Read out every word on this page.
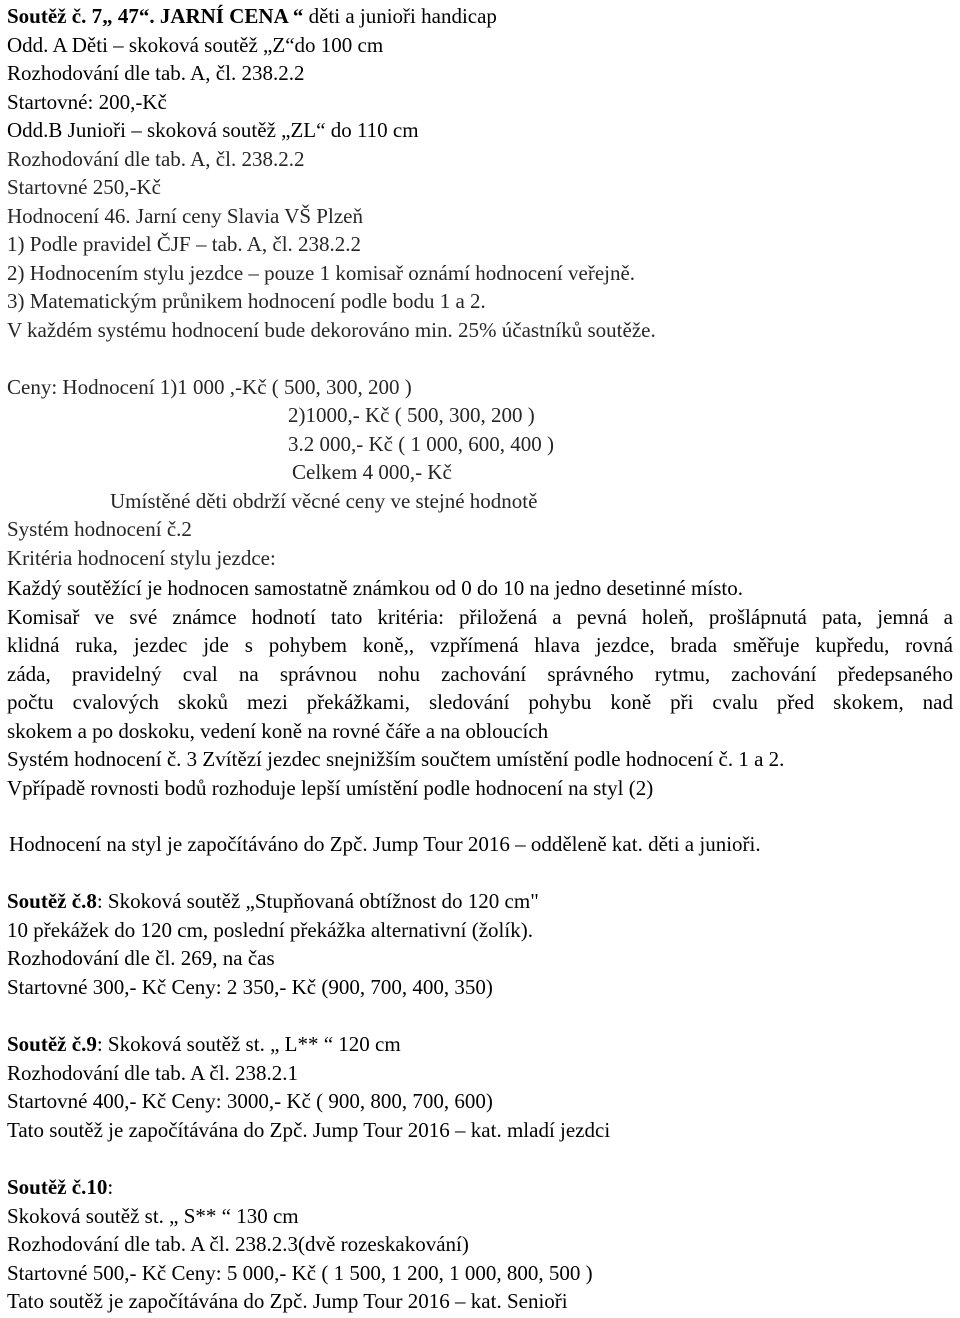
Soutěž č. 7„ 47“. JARNÍ CENA “ děti a junioři handicap
Odd. A Děti – skoková soutěž „Z“do 100 cm
Rozhodování dle tab. A, čl. 238.2.2
Startovné: 200,-Kč
Odd.B Junioři – skoková soutěž „ZL“ do 110 cm
Rozhodování dle tab. A, čl. 238.2.2
Startovné 250,-Kč
Hodnocení 46. Jarní ceny Slavia VŠ Plzeň
1) Podle pravidel ČJF – tab. A, čl. 238.2.2
2) Hodnocením stylu jezdce – pouze 1 komisař oznámí hodnocení veřejně.
3) Matematickým průnikem hodnocení podle bodu 1 a 2.
V každém systému hodnocení bude dekorováno min. 25% účastníků soutěže.
Ceny: Hodnocení 1)1 000 ,-Kč ( 500, 300, 200 )
2)1000,- Kč ( 500, 300, 200 )
3.2 000,- Kč ( 1 000, 600, 400 )
Celkem 4 000,- Kč
Umístěné děti obdrží věcné ceny ve stejné hodnotě
Systém hodnocení č.2
Kritéria hodnocení stylu jezdce:
Každý soutěžící je hodnocen samostatně známkou od 0 do 10 na jedno desetinné místo.
Komisař ve své známce hodnotí tato kritéria: přiložená a pevná holeň, prošlápnutá pata, jemná a
klidná ruka, jezdec jde s pohybem koně,, vzpřímená hlava jezdce, brada směřuje kupředu, rovná
záda, pravidelný cval na správnou nohu zachování správného rytmu, zachování předepsaného
počtu cvalových skoků mezi překážkami, sledování pohybu koně při cvalu před skokem, nad
skokem a po doskoku, vedení koně na rovné čáře a na obloucích
Systém hodnocení č. 3 Zvítězí jezdec snejnižším součtem umístění podle hodnocení č. 1 a 2.
Vpřípadě rovnosti bodů rozhoduje lepší umístění podle hodnocení na styl (2)
Hodnocení na styl je započítáváno do Zpč. Jump Tour 2016 – odděleně kat. děti a junioři.
Soutěž č.8: Skoková soutěž „Stupňovaná obtížnost do 120 cm"
10 překážek do 120 cm, poslední překážka alternativní (žolík).
Rozhodování dle čl. 269, na čas
Startovné 300,- Kč Ceny: 2 350,- Kč (900, 700, 400, 350)
Soutěž č.9: Skoková soutěž st. „ L** “ 120 cm
Rozhodování dle tab. A čl. 238.2.1
Startovné 400,- Kč Ceny: 3000,- Kč ( 900, 800, 700, 600)
Tato soutěž je započítávána do Zpč. Jump Tour 2016 – kat. mladí jezdci
Soutěž č.10:
Skoková soutěž st. „ S** “ 130 cm
Rozhodování dle tab. A čl. 238.2.3(dvě rozeskakování)
Startovné 500,- Kč Ceny: 5 000,- Kč ( 1 500, 1 200, 1 000, 800, 500 )
Tato soutěž je započítávána do Zpč. Jump Tour 2016 – kat. Senioři
